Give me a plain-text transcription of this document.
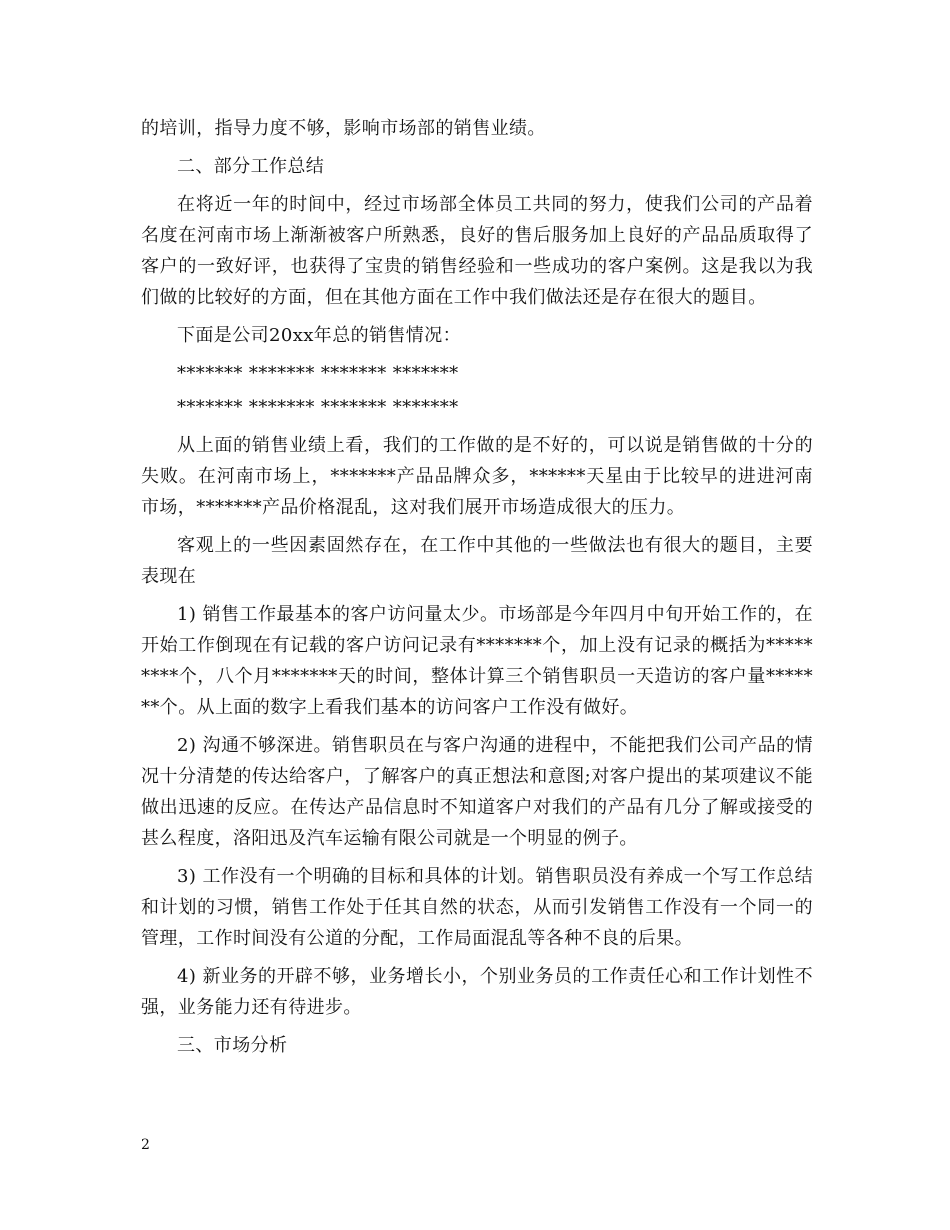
的培训，指导力度不够，影响市场部的销售业绩。

二、部分工作总结

在将近一年的时间中，经过市场部全体员工共同的努力，使我们公司的产品着名度在河南市场上渐渐被客户所熟悉，良好的售后服务加上良好的产品品质取得了客户的一致好评，也获得了宝贵的销售经验和一些成功的客户案例。这是我以为我们做的比较好的方面，但在其他方面在工作中我们做法还是存在很大的题目。

下面是公司20xx年总的销售情况：

******* ******* ******* *******

******* ******* ******* *******

从上面的销售业绩上看，我们的工作做的是不好的，可以说是销售做的十分的失败。在河南市场上，*******产品品牌众多，******天星由于比较早的进进河南市场，*******产品价格混乱，这对我们展开市场造成很大的压力。

客观上的一些因素固然存在，在工作中其他的一些做法也有很大的题目，主要表现在

1) 销售工作最基本的客户访问量太少。市场部是今年四月中旬开始工作的，在开始工作倒现在有记载的客户访问记录有*******个，加上没有记录的概括为*********个，八个月*******天的时间，整体计算三个销售职员一天造访的客户量*******个。从上面的数字上看我们基本的访问客户工作没有做好。

2) 沟通不够深进。销售职员在与客户沟通的进程中，不能把我们公司产品的情况十分清楚的传达给客户，了解客户的真正想法和意图;对客户提出的某项建议不能做出迅速的反应。在传达产品信息时不知道客户对我们的产品有几分了解或接受的甚么程度，洛阳迅及汽车运输有限公司就是一个明显的例子。

3) 工作没有一个明确的目标和具体的计划。销售职员没有养成一个写工作总结和计划的习惯，销售工作处于任其自然的状态，从而引发销售工作没有一个同一的管理，工作时间没有公道的分配，工作局面混乱等各种不良的后果。

4) 新业务的开辟不够，业务增长小，个别业务员的工作责任心和工作计划性不强，业务能力还有待进步。

三、市场分析

2
